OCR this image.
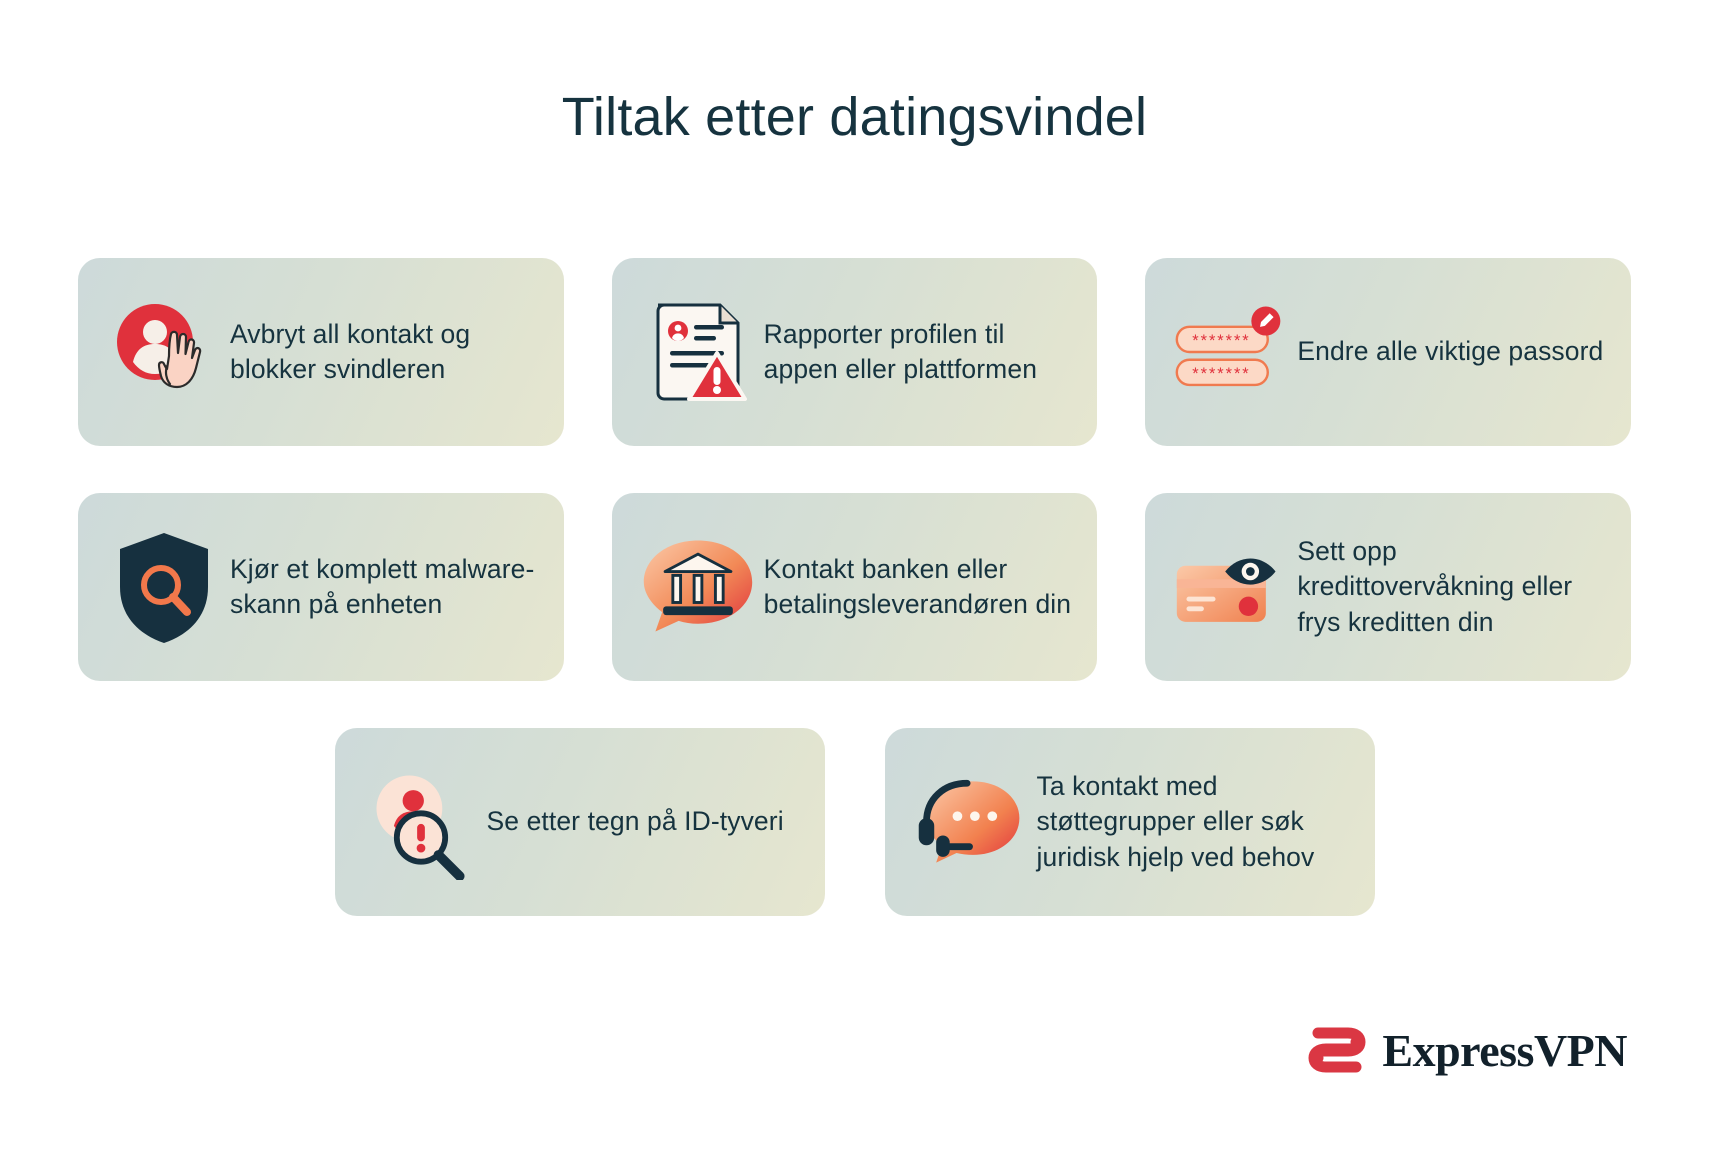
Tiltak etter datingsvindel
Avbryt all kontakt og blokker svindleren
Rapporter profilen til appen eller plattformen
*******
*******
Endre alle viktige passord
Kjør et komplett malware-skann på enheten
Kontakt banken eller betalingsleverandøren din
Sett opp kredittovervåkning eller frys kreditten din
Se etter tegn på ID-tyveri
Ta kontakt med støttegrupper eller søk juridisk hjelp ved behov
ExpressVPN
